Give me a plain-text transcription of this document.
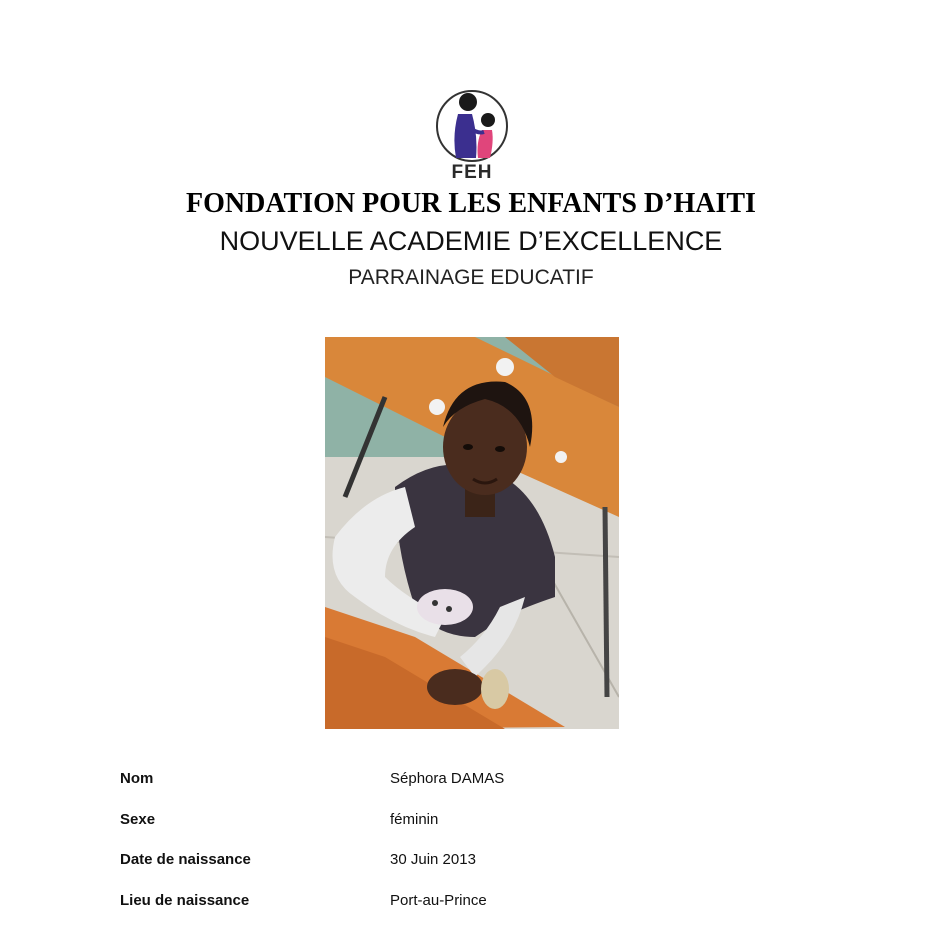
FEH
FONDATION POUR LES ENFANTS D’HAITI
NOUVELLE ACADEMIE D’EXCELLENCE
PARRAINAGE EDUCATIF
Nom	Séphora DAMAS
Sexe	féminin
Date de naissance	30 Juin 2013
Lieu de naissance	Port-au-Prince
